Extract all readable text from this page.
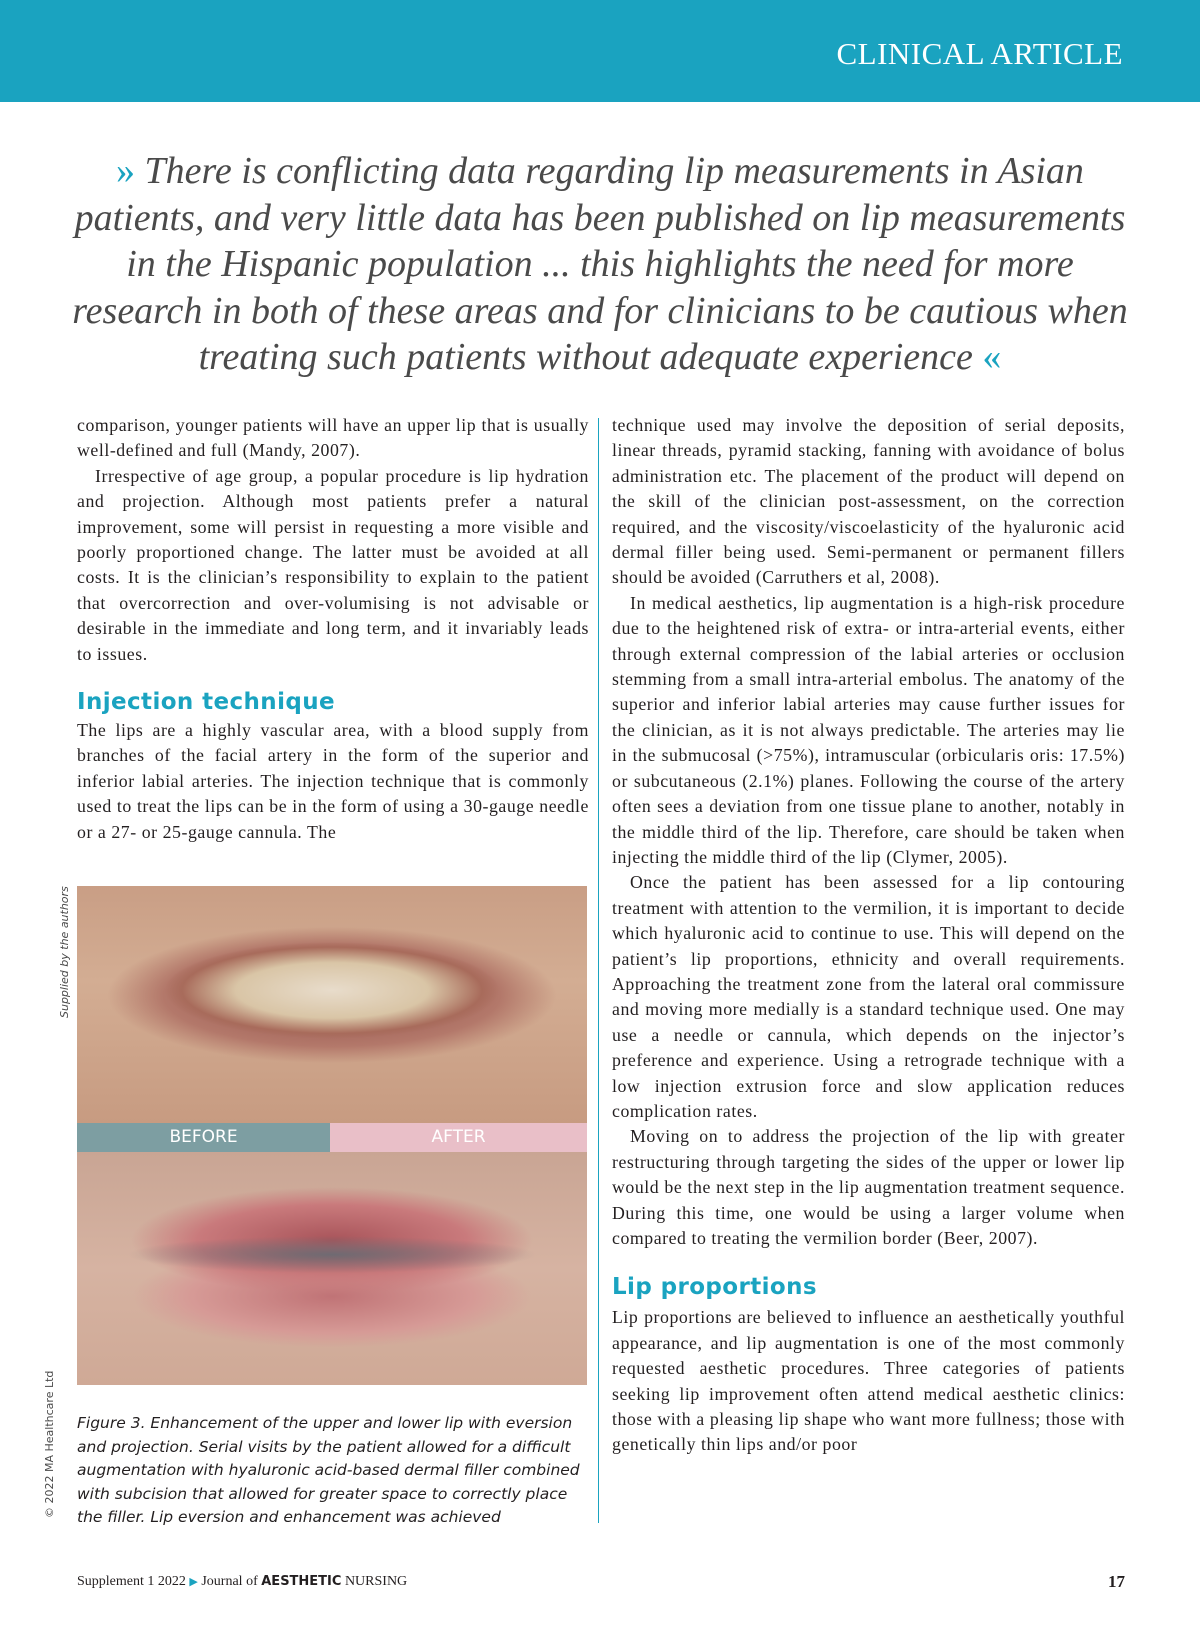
CLINICAL ARTICLE
» There is conflicting data regarding lip measurements in Asian patients, and very little data has been published on lip measurements in the Hispanic population ... this highlights the need for more research in both of these areas and for clinicians to be cautious when treating such patients without adequate experience «

comparison, younger patients will have an upper lip that is usually well-defined and full (Mandy, 2007).

Irrespective of age group, a popular procedure is lip hydration and projection. Although most patients prefer a natural improvement, some will persist in requesting a more visible and poorly proportioned change. The latter must be avoided at all costs. It is the clinician’s responsibility to explain to the patient that overcorrection and over-volumising is not advisable or desirable in the immediate and long term, and it invariably leads to issues.

Injection technique

The lips are a highly vascular area, with a blood supply from branches of the facial artery in the form of the superior and inferior labial arteries. The injection technique that is commonly used to treat the lips can be in the form of using a 30-gauge needle or a 27- or 25-gauge cannula. The

Supplied by the authors
BEFORE	AFTER
Figure 3. Enhancement of the upper and lower lip with eversion and projection. Serial visits by the patient allowed for a difficult augmentation with hyaluronic acid-based dermal filler combined with subcision that allowed for greater space to correctly place the filler. Lip eversion and enhancement was achieved
© 2022 MA Healthcare Ltd

technique used may involve the deposition of serial deposits, linear threads, pyramid stacking, fanning with avoidance of bolus administration etc. The placement of the product will depend on the skill of the clinician post-assessment, on the correction required, and the viscosity/viscoelasticity of the hyaluronic acid dermal filler being used. Semi-permanent or permanent fillers should be avoided (Carruthers et al, 2008).

In medical aesthetics, lip augmentation is a high-risk procedure due to the heightened risk of extra- or intra-arterial events, either through external compression of the labial arteries or occlusion stemming from a small intra-arterial embolus. The anatomy of the superior and inferior labial arteries may cause further issues for the clinician, as it is not always predictable. The arteries may lie in the submucosal (>75%), intramuscular (orbicularis oris: 17.5%) or subcutaneous (2.1%) planes. Following the course of the artery often sees a deviation from one tissue plane to another, notably in the middle third of the lip. Therefore, care should be taken when injecting the middle third of the lip (Clymer, 2005).

Once the patient has been assessed for a lip contouring treatment with attention to the vermilion, it is important to decide which hyaluronic acid to continue to use. This will depend on the patient’s lip proportions, ethnicity and overall requirements. Approaching the treatment zone from the lateral oral commissure and moving more medially is a standard technique used. One may use a needle or cannula, which depends on the injector’s preference and experience. Using a retrograde technique with a low injection extrusion force and slow application reduces complication rates.

Moving on to address the projection of the lip with greater restructuring through targeting the sides of the upper or lower lip would be the next step in the lip augmentation treatment sequence. During this time, one would be using a larger volume when compared to treating the vermilion border (Beer, 2007).

Lip proportions

Lip proportions are believed to influence an aesthetically youthful appearance, and lip augmentation is one of the most commonly requested aesthetic procedures. Three categories of patients seeking lip improvement often attend medical aesthetic clinics: those with a pleasing lip shape who want more fullness; those with genetically thin lips and/or poor

Supplement 1 2022 ▶ Journal of AESTHETIC NURSING	17
